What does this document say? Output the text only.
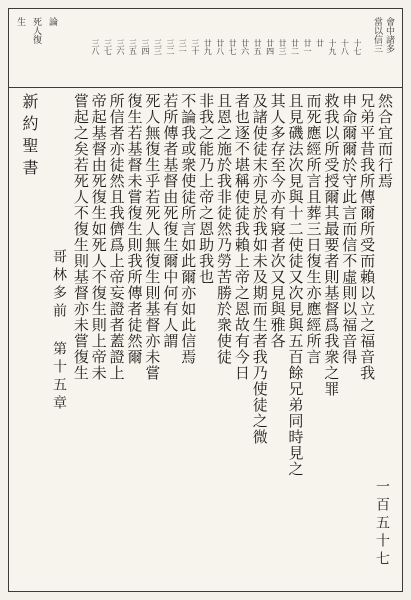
會中諸多
當以信三
十七
十八
十九
廿
廿一
廿二
廿三
廿四
廿五
廿六
廿七
廿八
廿九
三十
三一
三二
三三
三四
三五
三六
三七
三八
論
死人復
生
然合宜而行焉
兄弟平昔我所傳爾所受而賴以立之福音我
申命爾爾於守此言而信不虛則以福音得
救我以所受授爾其最要者則基督爲我衆之罪
而死應經所言且葬三日復生亦應經所言
且見磯法次見與十二使徒又次見與五百餘兄弟同時見之
其人多存至今亦有寢者次又見與雅各
及諸使徒末亦見於我如未及期而生者我乃使徒之微
者也逐不堪稱使徒我賴上帝之恩故有今日
且恩之施於我非徒然乃勞苦勝於衆使徒
非我之能乃上帝之恩助我也
不論我或衆使徒所言如此爾亦如此信焉
若所傳者基督由死復生爾中何有人謂
死人無復生乎若死人無復生則基督亦未嘗
復生若基督未嘗復生則我所傳者徒然爾
所信者亦徒然且我儕爲上帝妄證者蓋證上
帝起基督由死復生如死人不復生則上帝未
嘗起之矣若死人不復生則基督亦未嘗復生
新約聖書
哥林多前 第十五章
一百五十七
